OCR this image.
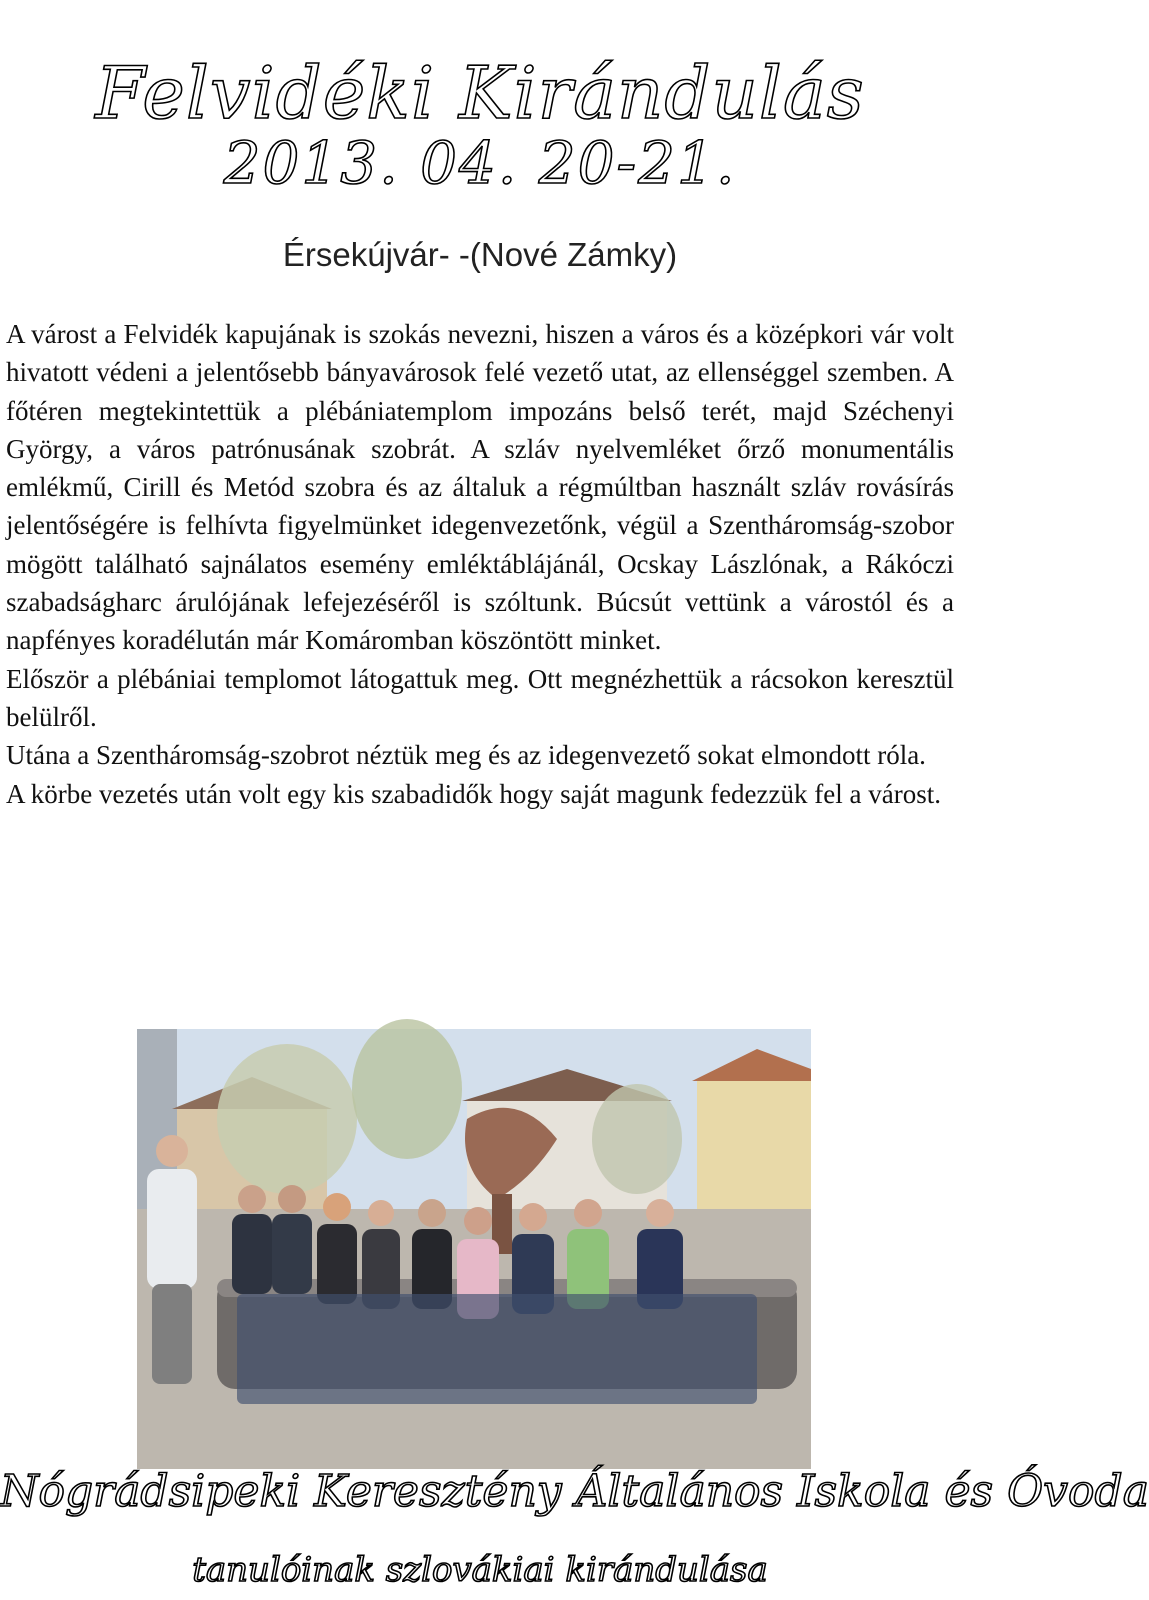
Felvidéki Kirándulás
2013. 04. 20-21.
Érsekújvár- -(Nové Zámky)

A várost a Felvidék kapujának is szokás nevezni, hiszen a város és a középkori vár volt hivatott védeni a jelentősebb bányavárosok felé vezető utat, az ellenséggel szemben. A főtéren megtekintettük a plébániatemplom impozáns belső terét, majd Széchenyi György, a város patrónusának szobrát. A szláv nyelvemléket őrző monumentális emlékmű, Cirill és Metód szobra és az általuk a régmúltban használt szláv rovásírás jelentőségére is felhívta figyelmünket idegenvezetőnk, végül a Szentháromság-szobor mögött található sajnálatos esemény emléktáblájánál, Ocskay Lászlónak, a Rákóczi szabadságharc árulójának lefejezéséről is szóltunk. Búcsút vettünk a várostól és a napfényes koradélután már Komáromban köszöntött minket.

Először a plébániai templomot látogattuk meg. Ott megnézhettük a rácsokon keresztül belülről.

Utána a Szentháromság-szobrot néztük meg és az idegenvezető sokat elmondott róla.

A körbe vezetés után volt egy kis szabadidők hogy saját magunk fedezzük fel a várost.

Nógrádsipeki Keresztény Általános Iskola és Óvoda
tanulóinak szlovákiai kirándulása
